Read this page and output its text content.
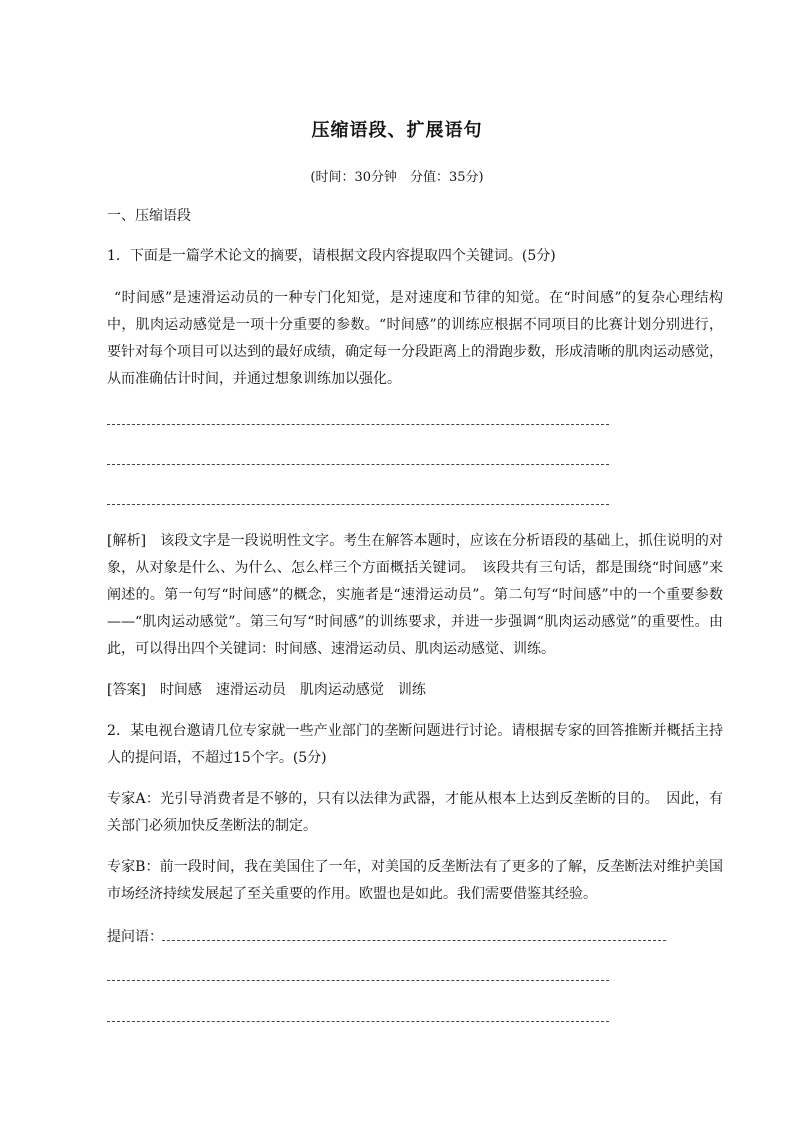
压缩语段、扩展语句
(时间：30分钟　分值：35分)
一、压缩语段
1．下面是一篇学术论文的摘要，请根据文段内容提取四个关键词。(5分)
“时间感”是速滑运动员的一种专门化知觉，是对速度和节律的知觉。在“时间感”的复杂心理结构中，肌肉运动感觉是一项十分重要的参数。“时间感”的训练应根据不同项目的比赛计划分别进行，要针对每个项目可以达到的最好成绩，确定每一分段距离上的滑跑步数，形成清晰的肌肉运动感觉，从而准确估计时间，并通过想象训练加以强化。
[解析] 该段文字是一段说明性文字。考生在解答本题时，应该在分析语段的基础上，抓住说明的对象，从对象是什么、为什么、怎么样三个方面概括关键词。　该段共有三句话，都是围绕“时间感”来阐述的。第一句写“时间感”的概念，实施者是“速滑运动员”。第二句写“时间感”中的一个重要参数——“肌肉运动感觉”。第三句写“时间感”的训练要求，并进一步强调“肌肉运动感觉”的重要性。由此，可以得出四个关键词：时间感、速滑运动员、肌肉运动感觉、训练。
[答案] 时间感　速滑运动员　肌肉运动感觉　训练
2．某电视台邀请几位专家就一些产业部门的垄断问题进行讨论。请根据专家的回答推断并概括主持人的提问语，不超过15个字。(5分)
专家A：光引导消费者是不够的，只有以法律为武器，才能从根本上达到反垄断的目的。　因此，有关部门必须加快反垄断法的制定。
专家B：前一段时间，我在美国住了一年，对美国的反垄断法有了更多的了解，反垄断法对维护美国市场经济持续发展起了至关重要的作用。欧盟也是如此。我们需要借鉴其经验。
提问语：
